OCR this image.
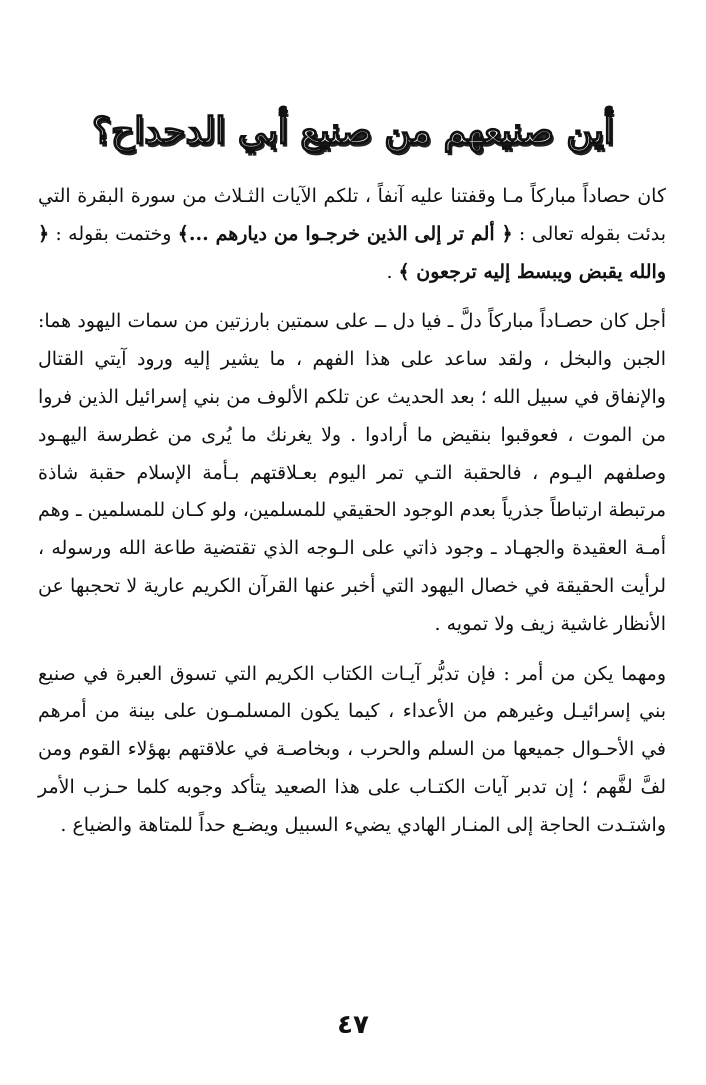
أين صنيعهم من صنيع أبي الدحداح؟

كان حصاداً مباركاً مـا وقفتنا عليه آنفاً ، تلكم الآيات الثـلاث من سورة البقرة التي بدئت بقوله تعالى : ﴿ ألم تر إلى الذين خرجـوا من ديارهم ...﴾ وختمت بقوله : ﴿ والله يقبض ويبسط إليه ترجعون ﴾ .

أجل كان حصـاداً مباركاً دلَّ ـ فيا دل ــ على سمتين بارزتين من سمات اليهود هما: الجبن والبخل ، ولقد ساعد على هذا الفهم ، ما يشير إليه ورود آيتي القتال والإنفاق في سبيل الله ؛ بعد الحديث عن تلكم الألوف من بني إسرائيل الذين فروا من الموت ، فعوقبوا بنقيض ما أرادوا . ولا يغرنك ما يُرى من غطرسة اليهـود وصلفهم اليـوم ، فالحقبة التـي تمر اليوم بعـلاقتهم بـأمة الإسلام حقبة شاذة مرتبطة ارتباطاً جذرياً بعدم الوجود الحقيقي للمسلمين، ولو كـان للمسلمين ـ وهم أمـة العقيدة والجهـاد ـ وجود ذاتي على الـوجه الذي تقتضية طاعة الله ورسوله ، لرأيت الحقيقة في خصال اليهود التي أخبر عنها القرآن الكريم عارية لا تحجبها عن الأنظار غاشية زيف ولا تمويه .

ومهما يكن من أمر : فإن تدبُّر آيـات الكتاب الكريم التي تسوق العبرة في صنيع بني إسرائيـل وغيرهم من الأعداء ، كيما يكون المسلمـون على بينة من أمرهم في الأحـوال جميعها من السلم والحرب ، وبخاصـة في علاقتهم بهؤلاء القوم ومن لفَّ لفَّهم ؛ إن تدبر آيات الكتـاب على هذا الصعيد يتأكد وجوبه كلما حـزب الأمر واشتـدت الحاجة إلى المنـار الهادي يضيء السبيل ويضـع حداً للمتاهة والضياع .

٤٧
